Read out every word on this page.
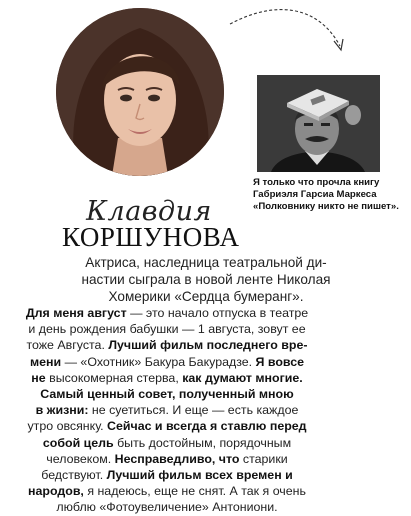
Я только что прочла книгу
Габриэля Гарсиа Маркеса
«Полковнику никто не пишет».
Клавдия
КОРШУНОВА
Актриса, наследница театральной ди-
настии сыграла в новой ленте Николая
Хомерики «Сердца бумеранг».
Для меня август — это начало отпуска в театре
и день рождения бабушки — 1 августа, зовут ее
тоже Августа. Лучший фильм последнего вре-
мени — «Охотник» Бакура Бакурадзе. Я вовсе
не высокомерная стерва, как думают многие.
Самый ценный совет, полученный мною
в жизни: не суетиться. И еще — есть каждое
утро овсянку. Сейчас и всегда я ставлю перед
собой цель быть достойным, порядочным
человеком. Несправедливо, что старики
бедствуют. Лучший фильм всех времен и
народов, я надеюсь, еще не снят. А так я очень
люблю «Фотоувеличение» Антониони.
